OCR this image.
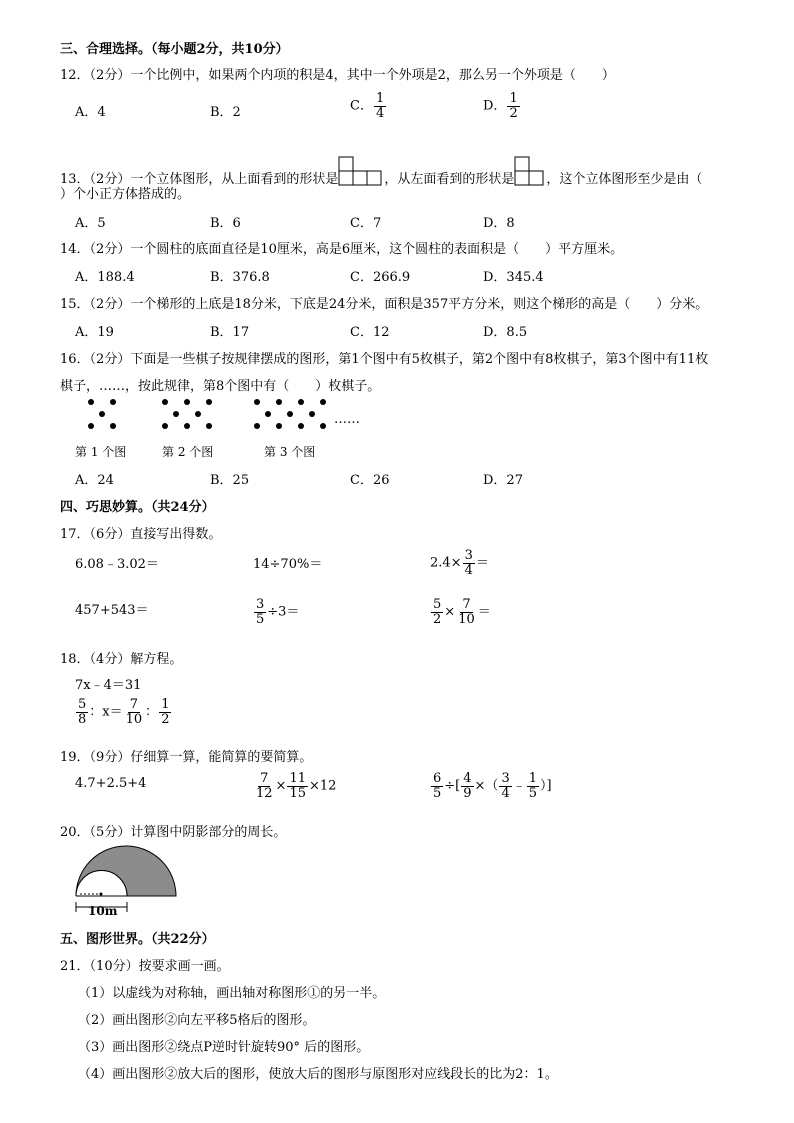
三、合理选择。（每小题2分，共10分）
12．（2分）一个比例中，如果两个内项的积是4，其中一个外项是2，那么另一个外项是（　　）
A．4	B．2	C． $\frac{1}{4}$	D． $\frac{1}{2}$
13．（2分）一个立体图形，从上面看到的形状是	，从左面看到的形状是 ，这个立体图形至少是由（
）个小正方体搭成的。
A．5	B．6	C．7	D．8
14．（2分）一个圆柱的底面直径是10厘米，高是6厘米，这个圆柱的表面积是（　　）平方厘米。
A．188.4	B．376.8	C．266.9	D．345.4
15．（2分）一个梯形的上底是18分米，下底是24分米，面积是357平方分米，则这个梯形的高是（　　）分米。
A．19	B．17	C．12	D．8.5
16．（2分）下面是一些棋子按规律摆成的图形，第1个图中有5枚棋子，第2个图中有8枚棋子，第3个图中有11枚
棋子，……，按此规律，第8个图中有（　　）枚棋子。
……
第 1 个图	第 2 个图	第 3 个图
A．24	B．25	C．26	D．27
四、巧思妙算。（共24分）
17．（6分）直接写出得数。
6.08﹣3.02＝	14÷70%＝	$2.4\times \frac{3}{4}$ ＝
457+543＝	$\frac{3}{5} \div 3=$	$\frac{5}{2} \times \frac{7}{10}$ ＝
18．（4分）解方程。
7x﹣4＝31
$\frac{5}{8}$ ：$x= \frac{7}{10}$ ： $\frac{1}{2}$
19．（9分）仔细算一算，能简算的要简算。
4.7+2.5+4	$\frac{7}{12} \times \frac{11}{15} \times 12$	$\frac{6}{5}$ ÷[ $\frac{4}{9}$ ×（ $\frac{3}{4}$ ﹣ $\frac{1}{5}$ ）]
20．（5分）计算图中阴影部分的周长。
10m
五、图形世界。（共22分）
21．（10分）按要求画一画。
（1）以虚线为对称轴，画出轴对称图形①的另一半。
（2）画出图形②向左平移5格后的图形。
（3）画出图形②绕点P逆时针旋转90° 后的图形。
（4）画出图形②放大后的图形，使放大后的图形与原图形对应线段长的比为2：1。
